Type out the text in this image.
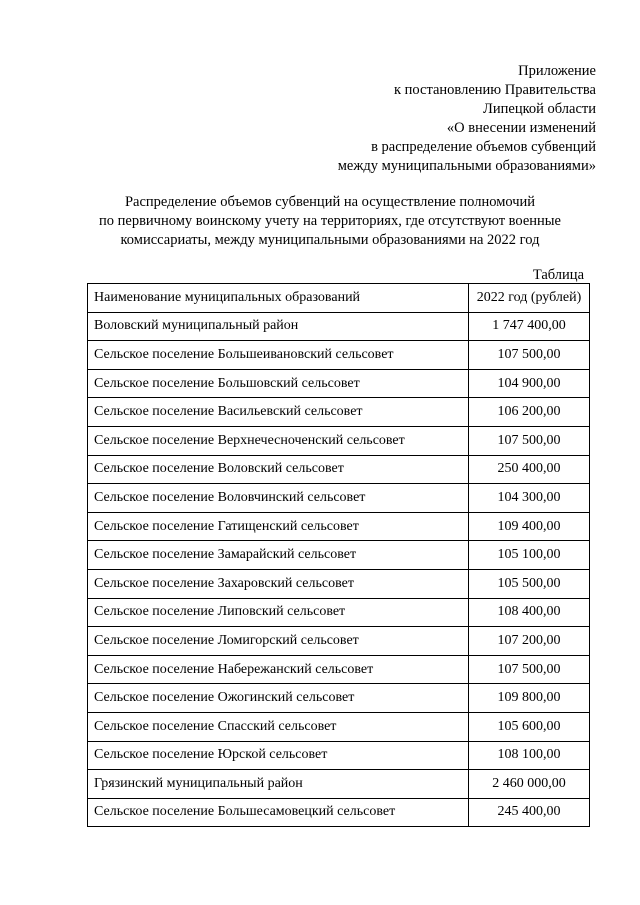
Приложение
к постановлению Правительства
Липецкой области
«О внесении изменений
в распределение объемов субвенций
между муниципальными образованиями»
Распределение объемов субвенций на осуществление полномочий
по первичному воинскому учету на территориях, где отсутствуют военные
комиссариаты, между муниципальными образованиями на 2022 год
Таблица
Наименование муниципальных образований	2022 год (рублей)
Воловский муниципальный район	1 747 400,00
Сельское поселение Большеивановский сельсовет	107 500,00
Сельское поселение Большовский сельсовет	104 900,00
Сельское поселение Васильевский сельсовет	106 200,00
Сельское поселение Верхнечесноченский сельсовет	107 500,00
Сельское поселение Воловский сельсовет	250 400,00
Сельское поселение Воловчинский сельсовет	104 300,00
Сельское поселение Гатищенский сельсовет	109 400,00
Сельское поселение Замарайский сельсовет	105 100,00
Сельское поселение Захаровский сельсовет	105 500,00
Сельское поселение Липовский сельсовет	108 400,00
Сельское поселение Ломигорский сельсовет	107 200,00
Сельское поселение Набережанский сельсовет	107 500,00
Сельское поселение Ожогинский сельсовет	109 800,00
Сельское поселение Спасский сельсовет	105 600,00
Сельское поселение Юрской сельсовет	108 100,00
Грязинский муниципальный район	2 460 000,00
Сельское поселение Большесамовецкий сельсовет	245 400,00
